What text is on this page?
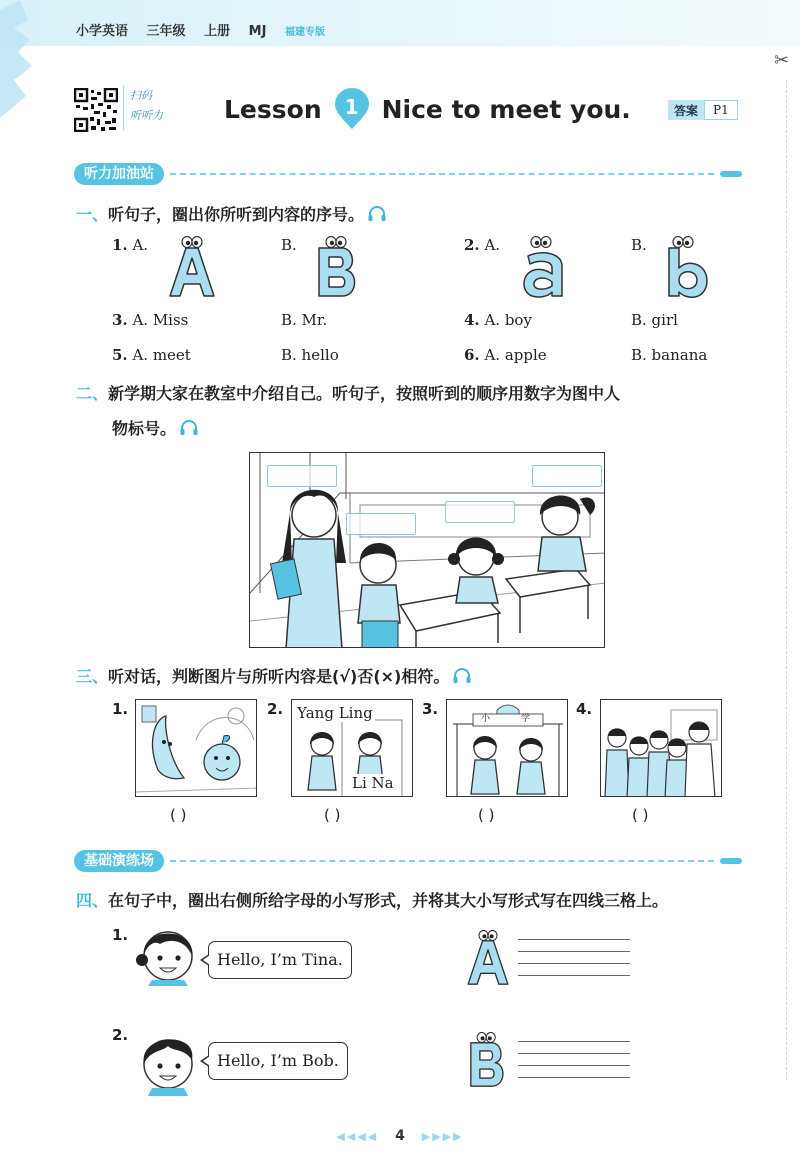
小学英语 三年级 上册 MJ 福建专版
✂
扫码
听听力	Lesson	1 Nice to meet you.	答案	P1
听力加油站
一、听句子，圈出你所听到内容的序号。
1. A.	B.	2. A.	B.
3. A. Miss	B. Mr.	4. A. boy	B. girl
5. A. meet	B. hello	6. A. apple	B. banana
二、新学期大家在教室中介绍自己。听句子，按照听到的顺序用数字为图中人
物标号。
三、听对话，判断图片与所听内容是(√)否(×)相符。
1.
( )
2. Yang Ling
Li Na
( )
3.
小	学
( )
4.
( )
基础演练场
四、在句子中，圈出右侧所给字母的小写形式，并将其大小写形式写在四线三格上。
1.
Hello, I’m Tina.
2.
Hello, I’m Bob.
◀◀◀◀ 4 ▶▶▶▶
